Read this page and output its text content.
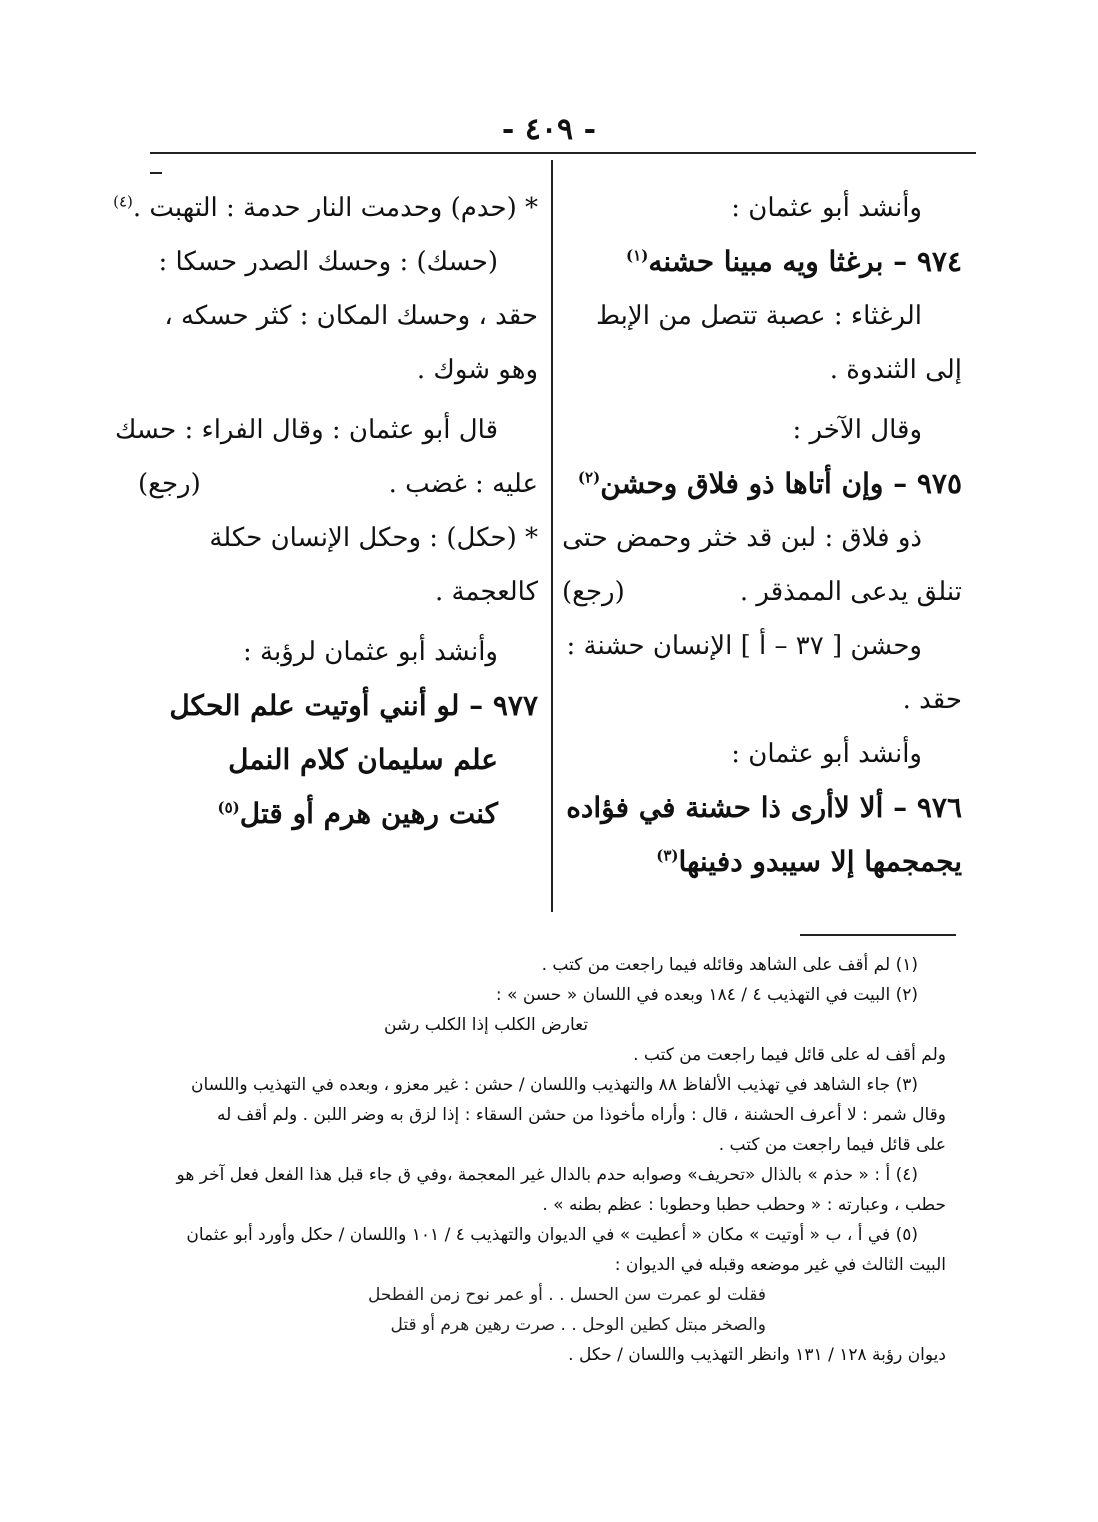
- ٤٠٩ -
وأنشد أبو عثمان :
٩٧٤ – برغثا ويه مبينا حشنه$^{(١)}$
الرغثاء : عصبة تتصل من الإبط
إلى الثندوة .
وقال الآخر :
٩٧٥ – وإن أتاها ذو فلاق وحشن$^{(٢)}$
ذو فلاق : لبن قد خثر وحمض حتى
(رجع)	تنلق يدعى الممذقر .
وحشن [ ٣٧ – أ ] الإنسان حشنة :
حقد .
وأنشد أبو عثمان :
٩٧٦ – ألا لاأرى ذا حشنة في فؤاده
يجمجمها إلا سيبدو دفينها$^{(٣)}$
* (حدم) وحدمت النار حدمة : التهبت .$^{(٤)}$
(حسك) : وحسك الصدر حسكا :
حقد ، وحسك المكان : كثر حسكه ،
وهو شوك .
قال أبو عثمان : وقال الفراء : حسك
(رجع)	عليه : غضب .
* (حكل) : وحكل الإنسان حكلة
كالعجمة .
وأنشد أبو عثمان لرؤبة :
٩٧٧ – لو أنني أوتيت علم الحكل
علم سليمان كلام النمل
كنت رهين هرم أو قتل$^{(٥)}$
(١) لم أقف على الشاهد وقائله فيما راجعت من كتب .
(٢) البيت في التهذيب ٤ / ١٨٤ وبعده في اللسان « حسن » :
تعارض الكلب إذا الكلب رشن
ولم أقف له على قائل فيما راجعت من كتب .
(٣) جاء الشاهد في تهذيب الألفاظ ٨٨ والتهذيب واللسان / حشن : غير معزو ، وبعده في التهذيب واللسان
وقال شمر : لا أعرف الحشنة ، قال : وأراه مأخوذا من حشن السقاء : إذا لزق به وضر اللبن . ولم أقف له
على قائل فيما راجعت من كتب .
(٤) أ : « حذم » بالذال «تحريف» وصوابه حدم بالدال غير المعجمة ،وفي ق جاء قبل هذا الفعل فعل آخر هو
حطب ، وعبارته : « وحطب حطبا وحطوبا : عظم بطنه » .
(٥) في أ ، ب « أوتيت » مكان « أعطيت » في الديوان والتهذيب ٤ / ١٠١ واللسان / حكل وأورد أبو عثمان
البيت الثالث في غير موضعه وقبله في الديوان :
فقلت لو عمرت سن الحسل . . أو عمر نوح زمن الفطحل
والصخر مبتل كطين الوحل . . صرت رهين هرم أو قتل
ديوان رؤبة ١٢٨ / ١٣١ وانظر التهذيب واللسان / حكل .
